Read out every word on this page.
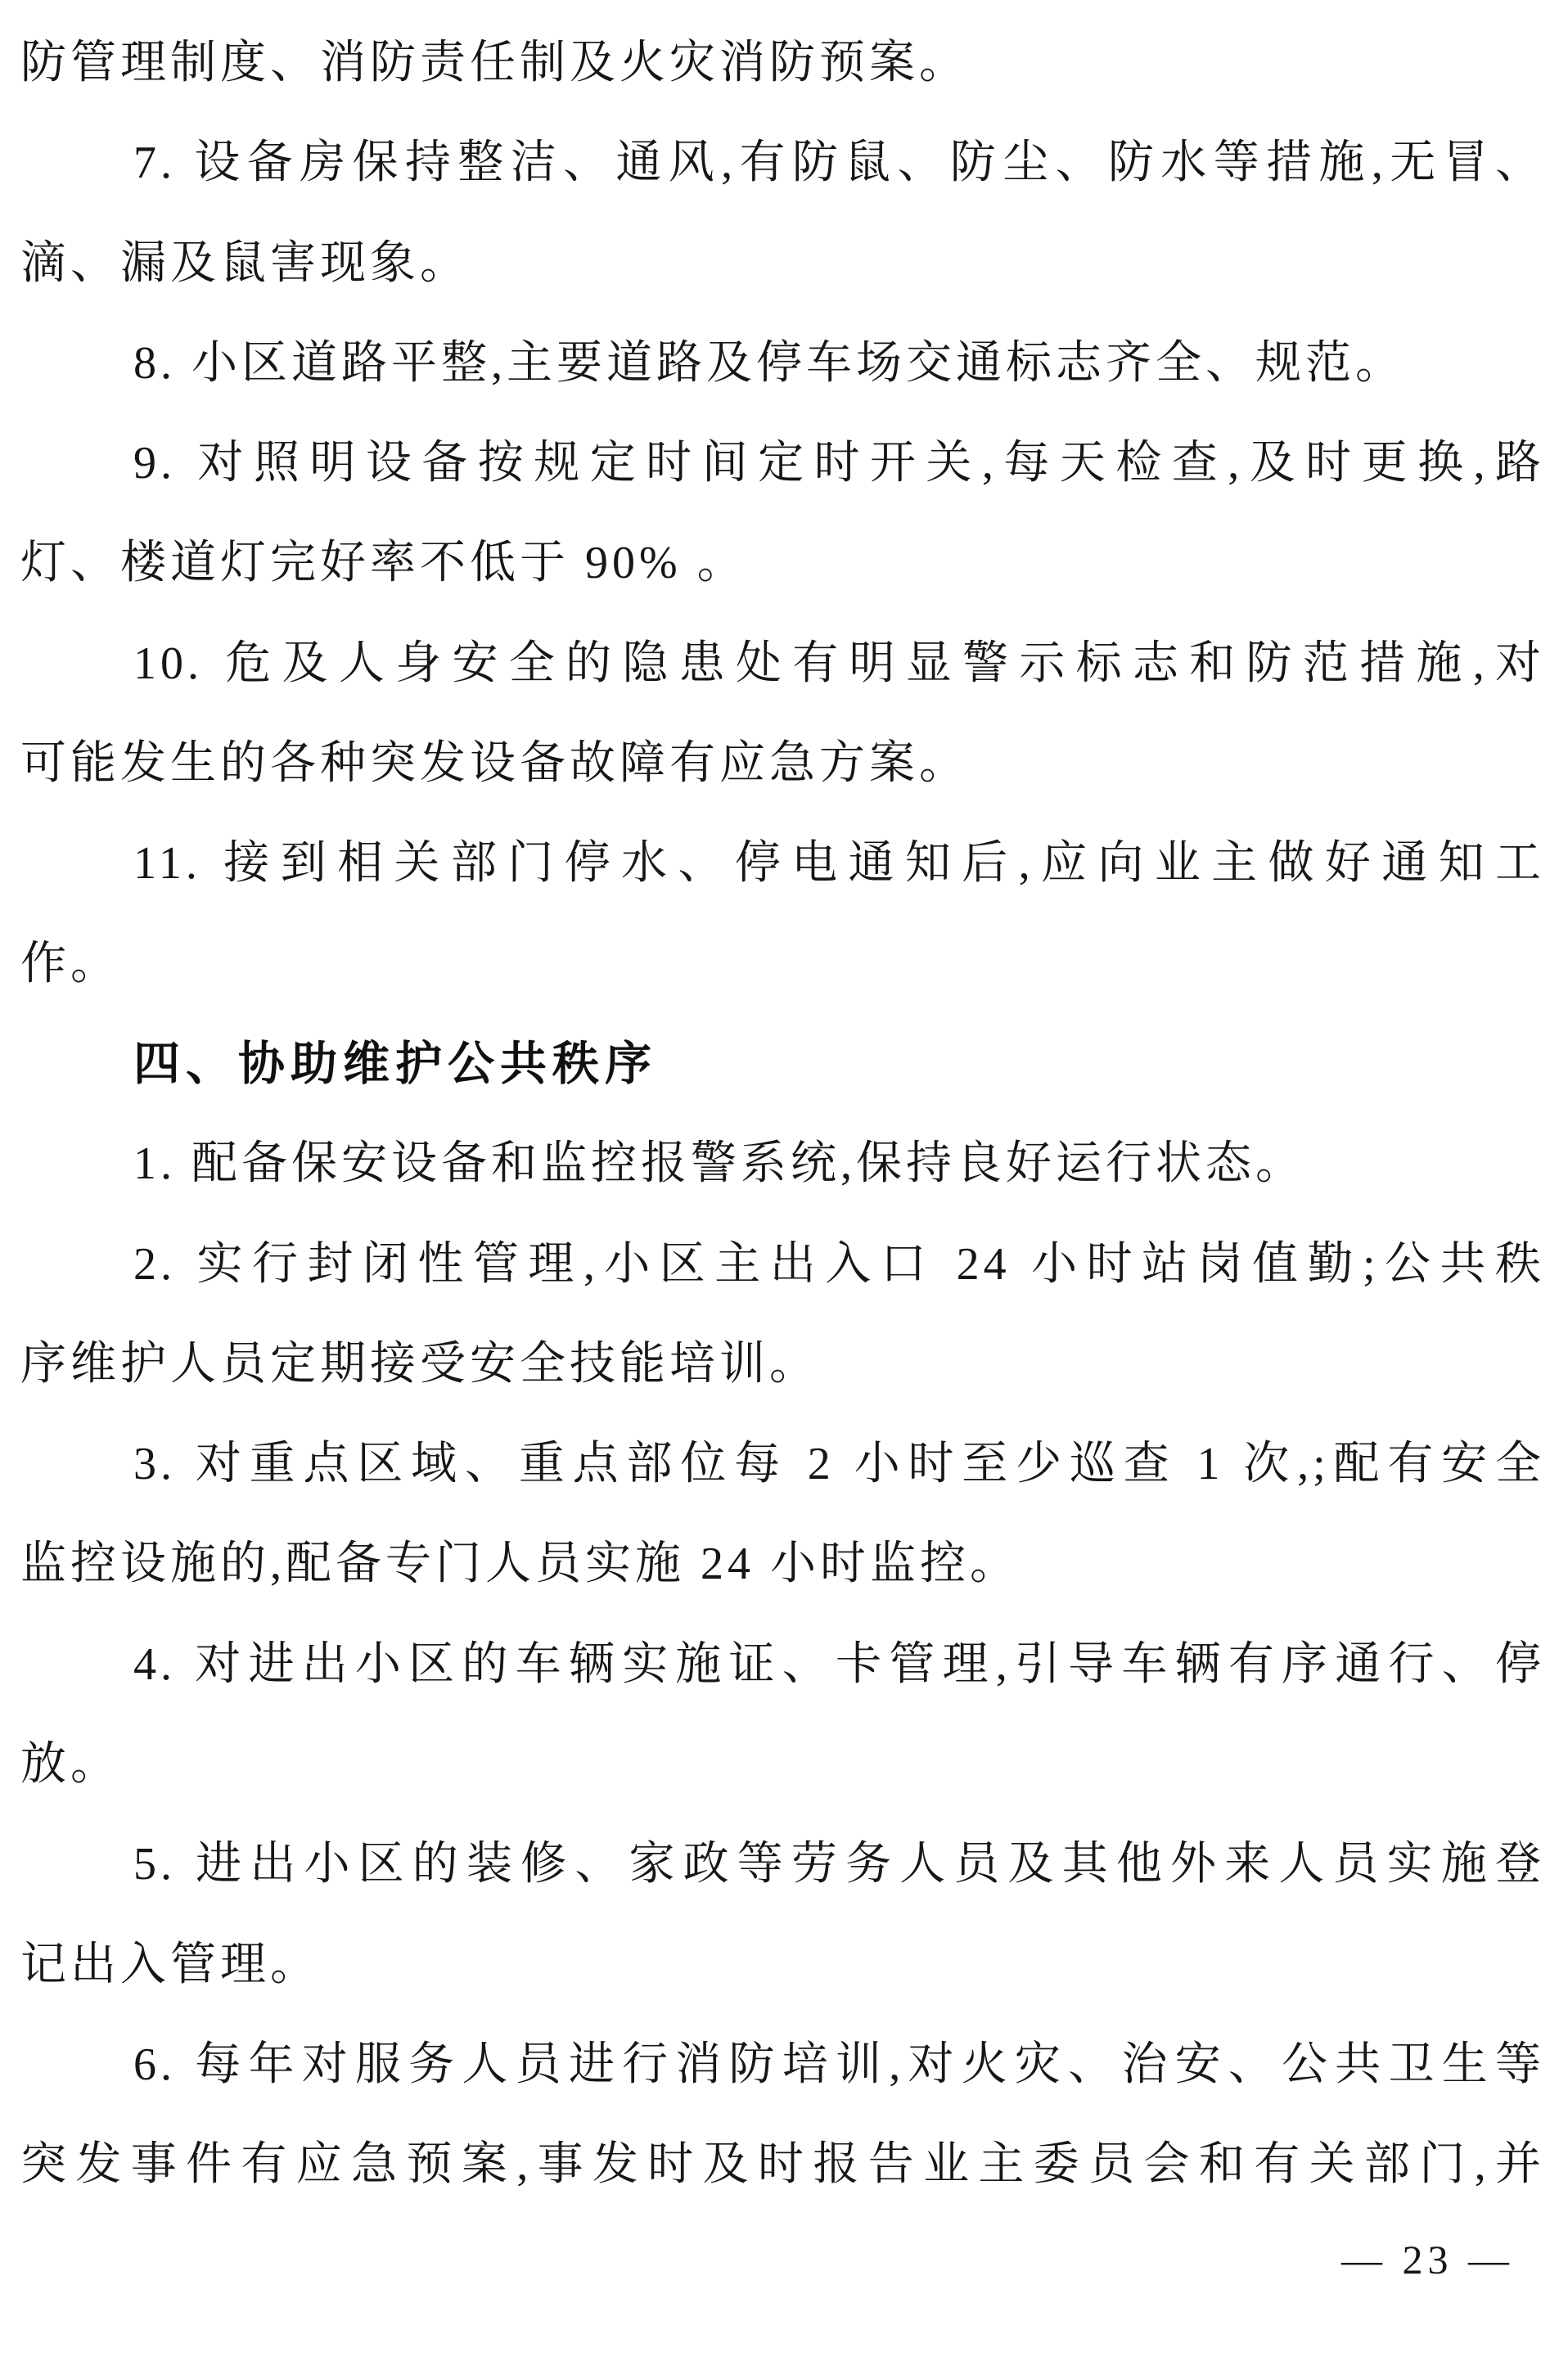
防管理制度、消防责任制及火灾消防预案。
7. 设备房保持整洁、通风,有防鼠、防尘、防水等措施,无冒、
滴、漏及鼠害现象。
8. 小区道路平整,主要道路及停车场交通标志齐全、规范。
9. 对照明设备按规定时间定时开关,每天检查,及时更换,路
灯、楼道灯完好率不低于 90% 。
10. 危及人身安全的隐患处有明显警示标志和防范措施,对
可能发生的各种突发设备故障有应急方案。
11. 接到相关部门停水、停电通知后,应向业主做好通知工
作。
四、协助维护公共秩序
1. 配备保安设备和监控报警系统,保持良好运行状态。
2. 实行封闭性管理,小区主出入口 24 小时站岗值勤;公共秩
序维护人员定期接受安全技能培训。
3. 对重点区域、重点部位每 2 小时至少巡查 1 次,;配有安全
监控设施的,配备专门人员实施 24 小时监控。
4. 对进出小区的车辆实施证、卡管理,引导车辆有序通行、停
放。
5. 进出小区的装修、家政等劳务人员及其他外来人员实施登
记出入管理。
6. 每年对服务人员进行消防培训,对火灾、治安、公共卫生等
突发事件有应急预案,事发时及时报告业主委员会和有关部门,并
— 23 —
